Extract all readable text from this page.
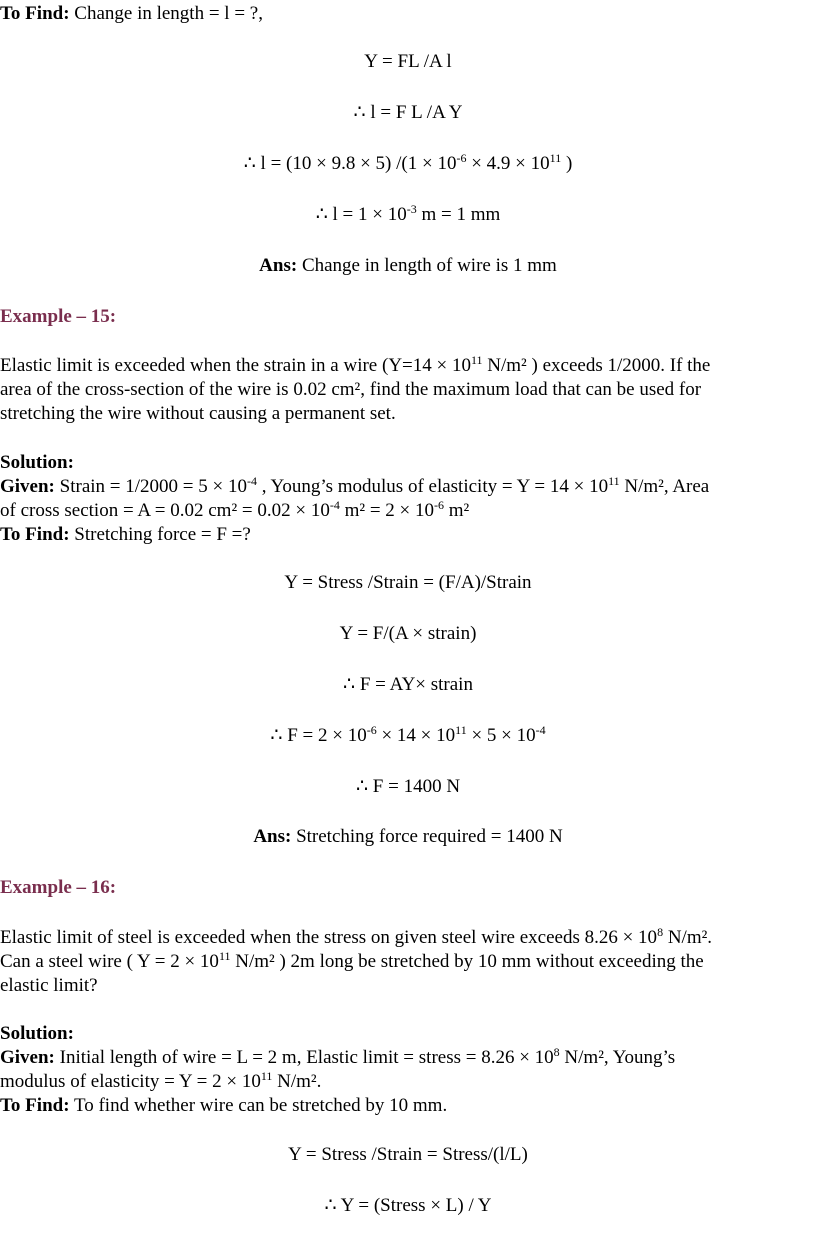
To Find: Change in length = l = ?,
Y = FL /A l
∴ l = F L /A Y
∴ l = (10 × 9.8 × 5) $/(1 \times 10^{-6} \times 4.9 \times 10^{11}$ )
∴ $l = 1 \times 10^{-3}$ m = 1 mm
Ans: Change in length of wire is 1 mm
Example – 15:
Elastic limit is exceeded when the strain in a wire ($Y=14 \times 10^{11}$ N/m² ) exceeds 1/2000. If the
area of the cross-section of the wire is 0.02 cm², find the maximum load that can be used for
stretching the wire without causing a permanent set.
Solution:
Given: Strain = $1/2000 = 5 \times 10^{-4}$ , Young’s modulus of elasticity = $Y = 14 \times 10^{11}$ N/m², Area
of cross section = A = 0.02 $cm^2 = 0.02 \times 10^{-4}$ $m^2 = 2 \times 10^{-6}$ m²
To Find: Stretching force = F =?
Y = Stress /Strain = (F/A)/Strain
Y = F/(A × strain)
∴ F = AY× strain
∴ $F = 2 \times 10^{-6} \times 14 \times 10^{11} \times 5 \times 10^{-4}$
∴ F = 1400 N
Ans: Stretching force required = 1400 N
Example – 16:
Elastic limit of steel is exceeded when the stress on given steel wire exceeds $8.26 \times 10^8$ N/m².
Can a steel wire ( $Y = 2 \times 10^{11}$ N/m² ) 2m long be stretched by 10 mm without exceeding the
elastic limit?
Solution:
Given: Initial length of wire = L = 2 m, Elastic limit = stress = $8.26 \times 10^8$ N/m², Young’s
modulus of elasticity = $Y = 2 \times 10^{11}$ N/m².
To Find: To find whether wire can be stretched by 10 mm.
Y = Stress /Strain = Stress/(l/L)
∴ Y = (Stress × L) / Y
